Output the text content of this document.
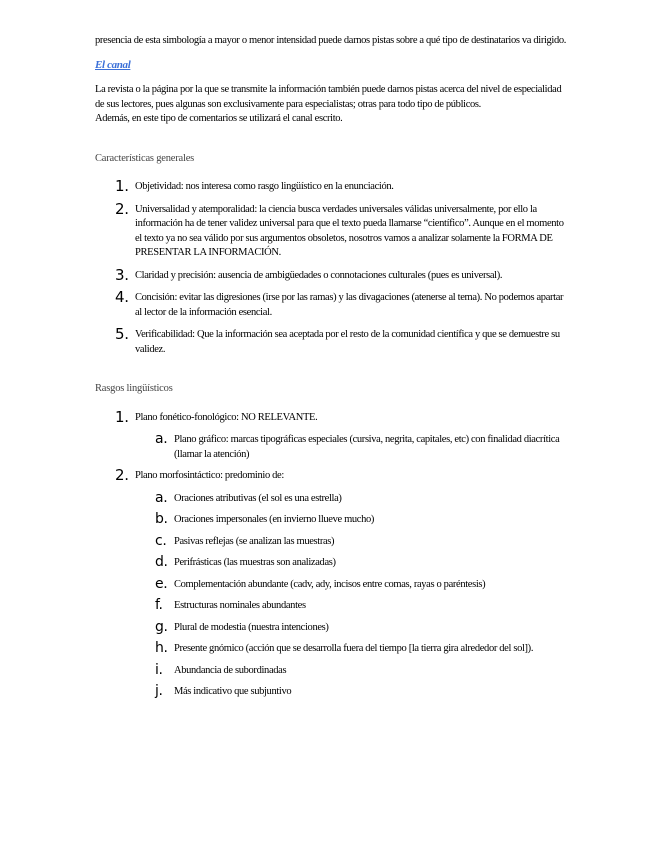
presencia de esta simbología a mayor o menor intensidad puede darnos pistas sobre a qué tipo de destinatarios va dirigido.

El canal

La revista o la página por la que se transmite la información también puede darnos pistas acerca del nivel de especialidad de sus lectores, pues algunas son exclusivamente para especialistas; otras para todo tipo de públicos.

Además, en este tipo de comentarios se utilizará el canal escrito.

Características generales

1. Objetividad: nos interesa como rasgo lingüístico en la enunciación.
2. Universalidad y atemporalidad: la ciencia busca verdades universales válidas universalmente, por ello la información ha de tener validez universal para que el texto pueda llamarse “científico”. Aunque en el momento el texto ya no sea válido por sus argumentos obsoletos, nosotros vamos a analizar solamente la FORMA DE PRESENTAR LA INFORMACIÓN.
3. Claridad y precisión: ausencia de ambigüedades o connotaciones culturales (pues es universal).
4. Concisión: evitar las digresiones (irse por las ramas) y las divagaciones (atenerse al tema). No podemos apartar al lector de la información esencial.
5. Verificabilidad: Que la información sea aceptada por el resto de la comunidad científica y que se demuestre su validez.

Rasgos lingüísticos

1. Plano fonético-fonológico: NO RELEVANTE.
a. Plano gráfico: marcas tipográficas especiales (cursiva, negrita, capitales, etc) con finalidad diacrítica (llamar la atención)
2. Plano morfosintáctico: predominio de:
a. Oraciones atributivas (el sol es una estrella)
b. Oraciones impersonales (en invierno llueve mucho)
c. Pasivas reflejas (se analizan las muestras)
d. Perifrásticas (las muestras son analizadas)
e. Complementación abundante (cadv, ady, incisos entre comas, rayas o paréntesis)
f. Estructuras nominales abundantes
g. Plural de modestia (nuestra intenciones)
h. Presente gnómico (acción que se desarrolla fuera del tiempo [la tierra gira alrededor del sol]).
i. Abundancia de subordinadas
j. Más indicativo que subjuntivo
